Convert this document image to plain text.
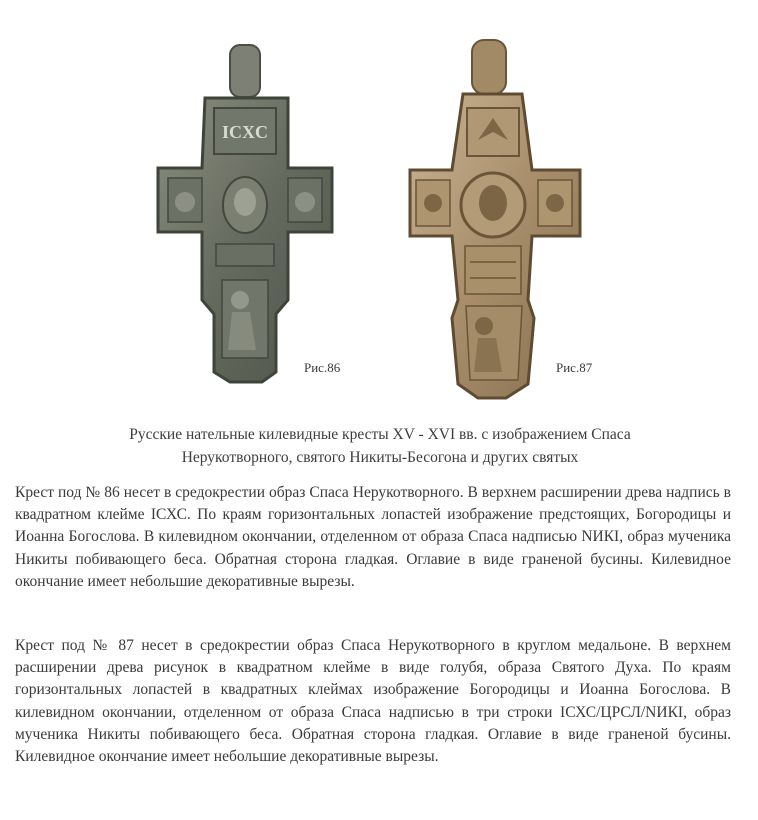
ICXC
Рис.86	Рис.87
Русские нательные килевидные кресты XV - XVI вв. с изображением Спаса
Нерукотворного, святого Никиты-Бесогона и других святых

Крест под № 86 несет в средокрестии образ Спаса Нерукотворного. В верхнем расширении древа надпись в квадратном клейме ІСХС. По краям горизонтальных лопастей изображение предстоящих, Богородицы и Иоанна Богослова. В килевидном окончании, отделенном от образа Спаса надписью NИКІ, образ мученика Никиты побивающего беса. Обратная сторона гладкая. Оглавие в виде граненой бусины. Килевидное окончание имеет небольшие декоративные вырезы.

Крест под № 87 несет в средокрестии образ Спаса Нерукотворного в круглом медальоне. В верхнем расширении древа рисунок в квадратном клейме в виде голубя, образа Святого Духа. По краям горизонтальных лопастей в квадратных клеймах изображение Богородицы и Иоанна Богослова. В килевидном окончании, отделенном от образа Спаса надписью в три строки ІСХС/ЦРСЛ/NИКІ, образ мученика Никиты побивающего беса. Обратная сторона гладкая. Оглавие в виде граненой бусины. Килевидное окончание имеет небольшие декоративные вырезы.
